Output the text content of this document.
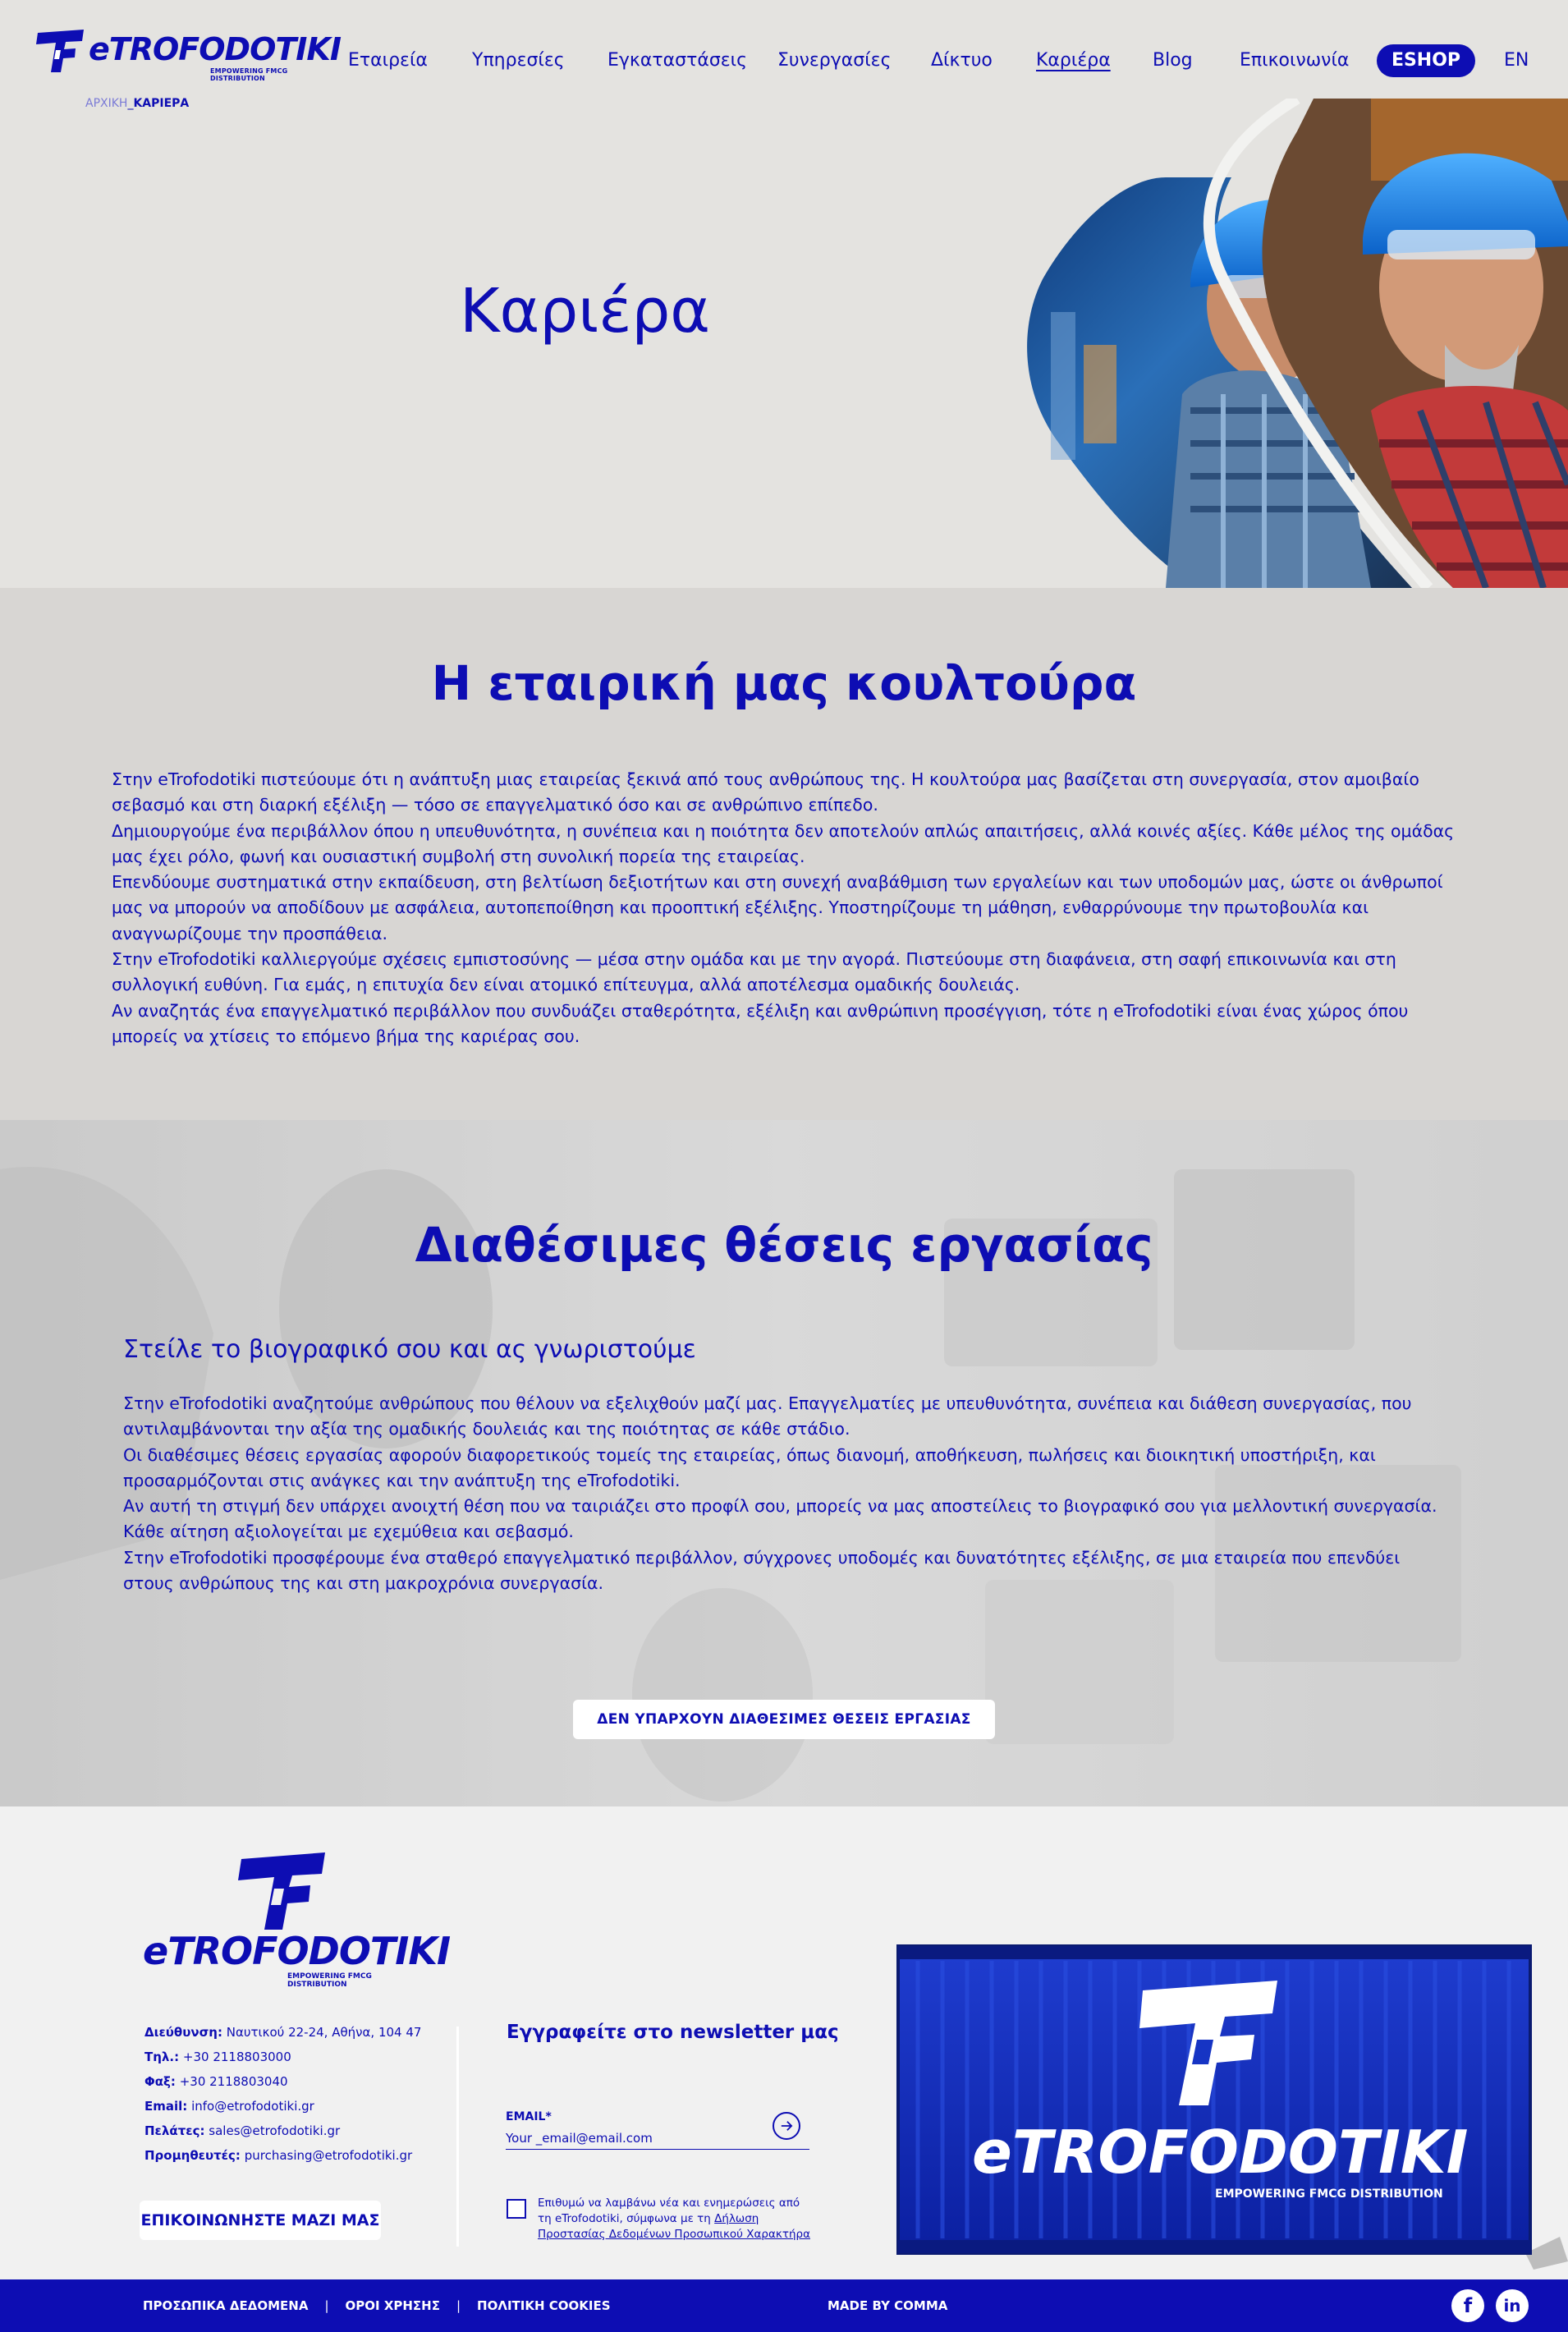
Καριέρα
eTROFODOTIKI
EMPOWERING FMCG DISTRIBUTION
Εταιρεία Υπηρεσίες Εγκαταστάσεις Συνεργασίες Δίκτυο Καριέρα Blog	Επικοινωνία	ESHOP	EN
ΑΡΧΙΚΗ_ΚΑΡΙΕΡΑ
Η εταιρική μας κουλτούρα

Στην eTrofodotiki πιστεύουμε ότι η ανάπτυξη μιας εταιρείας ξεκινά από τους ανθρώπους της. Η κουλτούρα μας βασίζεται στη συνεργασία, στον αμοιβαίο σεβασμό και στη διαρκή εξέλιξη — τόσο σε επαγγελματικό όσο και σε ανθρώπινο επίπεδο.

Δημιουργούμε ένα περιβάλλον όπου η υπευθυνότητα, η συνέπεια και η ποιότητα δεν αποτελούν απλώς απαιτήσεις, αλλά κοινές αξίες. Κάθε μέλος της ομάδας μας έχει ρόλο, φωνή και ουσιαστική συμβολή στη συνολική πορεία της εταιρείας.

Επενδύουμε συστηματικά στην εκπαίδευση, στη βελτίωση δεξιοτήτων και στη συνεχή αναβάθμιση των εργαλείων και των υποδομών μας, ώστε οι άνθρωποί μας να μπορούν να αποδίδουν με ασφάλεια, αυτοπεποίθηση και προοπτική εξέλιξης. Υποστηρίζουμε τη μάθηση, ενθαρρύνουμε την πρωτοβουλία και αναγνωρίζουμε την προσπάθεια.

Στην eTrofodotiki καλλιεργούμε σχέσεις εμπιστοσύνης — μέσα στην ομάδα και με την αγορά. Πιστεύουμε στη διαφάνεια, στη σαφή επικοινωνία και στη συλλογική ευθύνη. Για εμάς, η επιτυχία δεν είναι ατομικό επίτευγμα, αλλά αποτέλεσμα ομαδικής δουλειάς.

Αν αναζητάς ένα επαγγελματικό περιβάλλον που συνδυάζει σταθερότητα, εξέλιξη και ανθρώπινη προσέγγιση, τότε η eTrofodotiki είναι ένας χώρος όπου μπορείς να χτίσεις το επόμενο βήμα της καριέρας σου.

Διαθέσιμες θέσεις εργασίας
Στείλε το βιογραφικό σου και ας γνωριστούμε

Στην eTrofodotiki αναζητούμε ανθρώπους που θέλουν να εξελιχθούν μαζί μας. Επαγγελματίες με υπευθυνότητα, συνέπεια και διάθεση συνεργασίας, που αντιλαμβάνονται την αξία της ομαδικής δουλειάς και της ποιότητας σε κάθε στάδιο.

Οι διαθέσιμες θέσεις εργασίας αφορούν διαφορετικούς τομείς της εταιρείας, όπως διανομή, αποθήκευση, πωλήσεις και διοικητική υποστήριξη, και προσαρμόζονται στις ανάγκες και την ανάπτυξη της eTrofodotiki.

Αν αυτή τη στιγμή δεν υπάρχει ανοιχτή θέση που να ταιριάζει στο προφίλ σου, μπορείς να μας αποστείλεις το βιογραφικό σου για μελλοντική συνεργασία. Κάθε αίτηση αξιολογείται με εχεμύθεια και σεβασμό.

Στην eTrofodotiki προσφέρουμε ένα σταθερό επαγγελματικό περιβάλλον, σύγχρονες υποδομές και δυνατότητες εξέλιξης, σε μια εταιρεία που επενδύει στους ανθρώπους της και στη μακροχρόνια συνεργασία.

ΔΕΝ ΥΠΑΡΧΟΥΝ ΔΙΑΘΕΣΙΜΕΣ ΘΕΣΕΙΣ ΕΡΓΑΣΙΑΣ
eTROFODOTIKI
EMPOWERING FMCG DISTRIBUTION
Διεύθυνση: Ναυτικού 22-24, Αθήνα, 104 47
Τηλ.: +30 2118803000
Φαξ: +30 2118803040
Email: info@etrofodotiki.gr
Πελάτες: sales@etrofodotiki.gr
Προμηθευτές: purchasing@etrofodotiki.gr
ΕΠΙΚΟΙΝΩΝΗΣΤΕ ΜΑΖΙ ΜΑΣ
Εγγραφείτε στο newsletter μας
EMAIL*
Your _email@email.com
Επιθυμώ να λαμβάνω νέα και ενημερώσεις από τη eTrofodotiki, σύμφωνα με τη Δήλωση Προστασίας Δεδομένων Προσωπικού Χαρακτήρα
eTROFODOTIKI
EMPOWERING FMCG DISTRIBUTION
ΠΡΟΣΩΠΙΚΑ ΔΕΔΟΜΕΝΑ | ΟΡΟΙ ΧΡΗΣΗΣ | ΠΟΛΙΤΙΚΗ COOKIES	MADE BY COMMA	f	in
